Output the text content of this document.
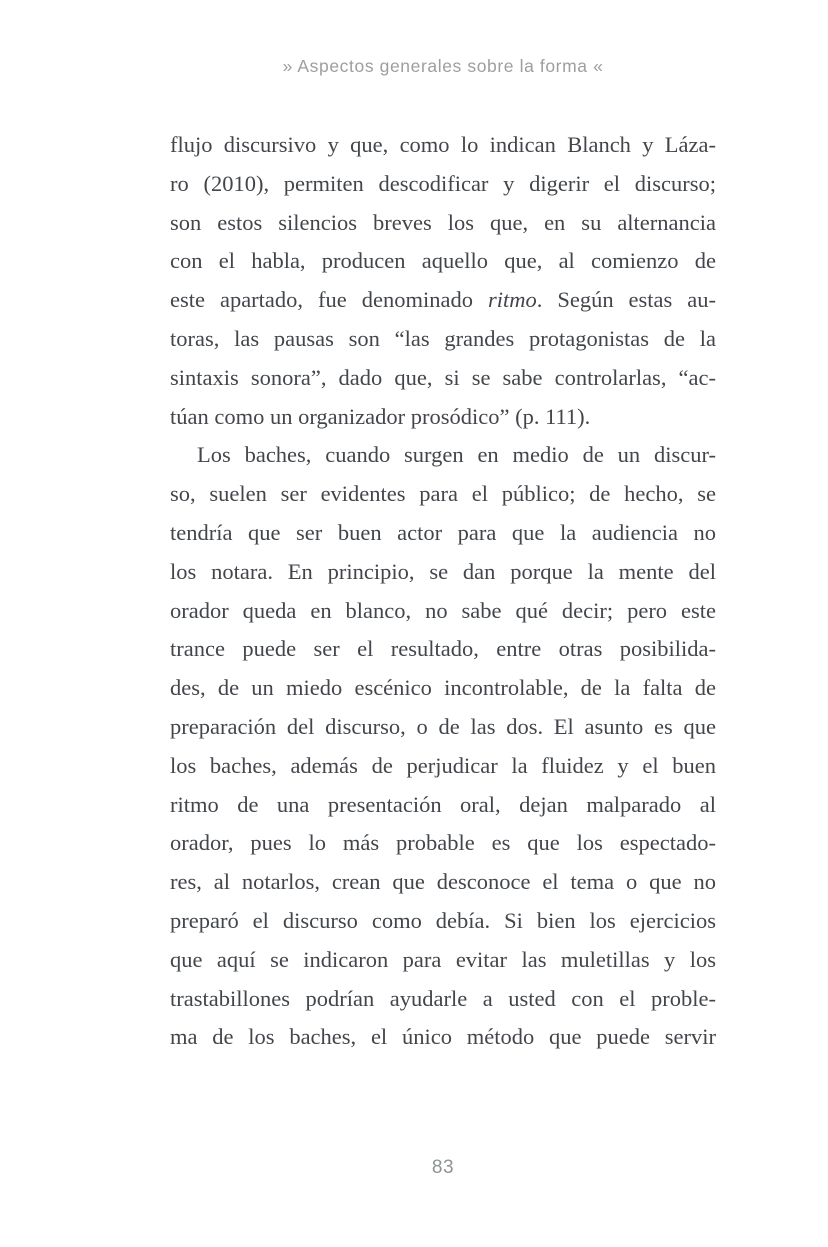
» Aspectos generales sobre la forma «
flujo discursivo y que, como lo indican Blanch y Láza-
ro (2010), permiten descodificar y digerir el discurso;
son estos silencios breves los que, en su alternancia
con el habla, producen aquello que, al comienzo de
este apartado, fue denominado ritmo. Según estas au-
toras, las pausas son “las grandes protagonistas de la
sintaxis sonora”, dado que, si se sabe controlarlas, “ac-
túan como un organizador prosódico” (p. 111).
Los baches, cuando surgen en medio de un discur-
so, suelen ser evidentes para el público; de hecho, se
tendría que ser buen actor para que la audiencia no
los notara. En principio, se dan porque la mente del
orador queda en blanco, no sabe qué decir; pero este
trance puede ser el resultado, entre otras posibilida-
des, de un miedo escénico incontrolable, de la falta de
preparación del discurso, o de las dos. El asunto es que
los baches, además de perjudicar la fluidez y el buen
ritmo de una presentación oral, dejan malparado al
orador, pues lo más probable es que los espectado-
res, al notarlos, crean que desconoce el tema o que no
preparó el discurso como debía. Si bien los ejercicios
que aquí se indicaron para evitar las muletillas y los
trastabillones podrían ayudarle a usted con el proble-
ma de los baches, el único método que puede servir
83
